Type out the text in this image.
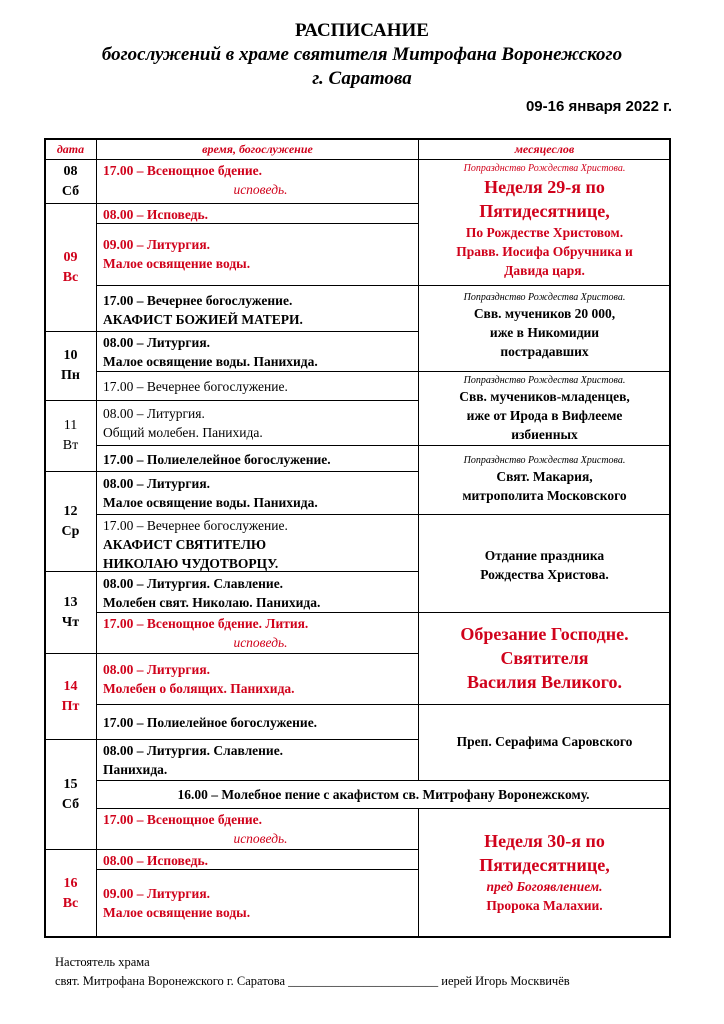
РАСПИСАНИЕ
богослужений в храме святителя Митрофана Воронежского
г. Саратова
09-16 января 2022 г.
дата	время, богослужение	месяцеслов
08
Сб
09
Вс
10
Пн
11
Вт
12
Ср
13
Чт
14
Пт
15
Сб
16
Вс
17.00 – Всенощное бдение.
исповедь.
08.00 – Исповедь.
09.00 – Литургия.
Малое освящение воды.
17.00 – Вечернее богослужение.
АКАФИСТ БОЖИЕЙ МАТЕРИ.
08.00 – Литургия.
Малое освящение воды. Панихида.
17.00 – Вечернее богослужение.
08.00 – Литургия.
Общий молебен. Панихида.
17.00 – Полиелелейное богослужение.
08.00 – Литургия.
Малое освящение воды. Панихида.
17.00 – Вечернее богослужение.
АКАФИСТ СВЯТИТЕЛЮ
НИКОЛАЮ ЧУДОТВОРЦУ.
08.00 – Литургия. Славление.
Молебен свят. Николаю. Панихида.
17.00 – Всенощное бдение. Лития.
исповедь.
08.00 – Литургия.
Молебен о болящих. Панихида.
17.00 – Полиелейное богослужение.
08.00 – Литургия. Славление.
Панихида.
16.00 – Молебное пение с акафистом св. Митрофану Воронежскому.
17.00 – Всенощное бдение.
исповедь.
08.00 – Исповедь.
09.00 – Литургия.
Малое освящение воды.
Попразднство Рождества Христова.
Неделя 29-я по
Пятидесятнице,
По Рождестве Христовом.
Правв. Иосифа Обручника и
Давида царя.
Попразднство Рождества Христова.
Свв. мучеников 20 000,
иже в Никомидии
пострадавших
Попразднство Рождества Христова.
Свв. мучеников-младенцев,
иже от Ирода в Вифлееме
избиенных
Попразднство Рождества Христова.
Свят. Макария,
митрополита Московского
Отдание праздника
Рождества Христова.
Обрезание Господне.
Святителя
Василия Великого.
Преп. Серафима Саровского
Неделя 30-я по
Пятидесятнице,
пред Богоявлением.
Пророка Малахии.
Настоятель храма
свят. Митрофана Воронежского г. Саратова ________________________ иерей Игорь Москвичёв
